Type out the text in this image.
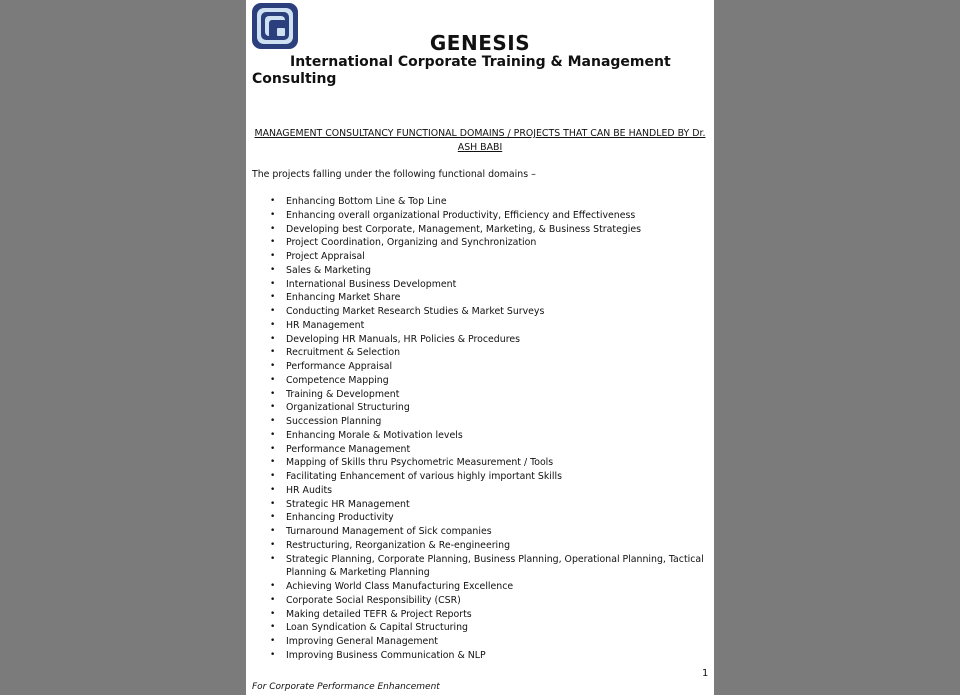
GENESIS
International Corporate Training & Management Consulting
MANAGEMENT CONSULTANCY FUNCTIONAL DOMAINS / PROJECTS THAT CAN BE HANDLED BY Dr. ASH BABI
The projects falling under the following functional domains –
• Enhancing Bottom Line & Top Line
• Enhancing overall organizational Productivity, Efficiency and Effectiveness
• Developing best Corporate, Management, Marketing, & Business Strategies
• Project Coordination, Organizing and Synchronization
• Project Appraisal
• Sales & Marketing
• International Business Development
• Enhancing Market Share
• Conducting Market Research Studies & Market Surveys
• HR Management
• Developing HR Manuals, HR Policies & Procedures
• Recruitment & Selection
• Performance Appraisal
• Competence Mapping
• Training & Development
• Organizational Structuring
• Succession Planning
• Enhancing Morale & Motivation levels
• Performance Management
• Mapping of Skills thru Psychometric Measurement / Tools
• Facilitating Enhancement of various highly important Skills
• HR Audits
• Strategic HR Management
• Enhancing Productivity
• Turnaround Management of Sick companies
• Restructuring, Reorganization & Re-engineering
• Strategic Planning, Corporate Planning, Business Planning, Operational Planning, Tactical Planning & Marketing Planning
• Achieving World Class Manufacturing Excellence
• Corporate Social Responsibility (CSR)
• Making detailed TEFR & Project Reports
• Loan Syndication & Capital Structuring
• Improving General Management
• Improving Business Communication & NLP
1
For Corporate Performance Enhancement
